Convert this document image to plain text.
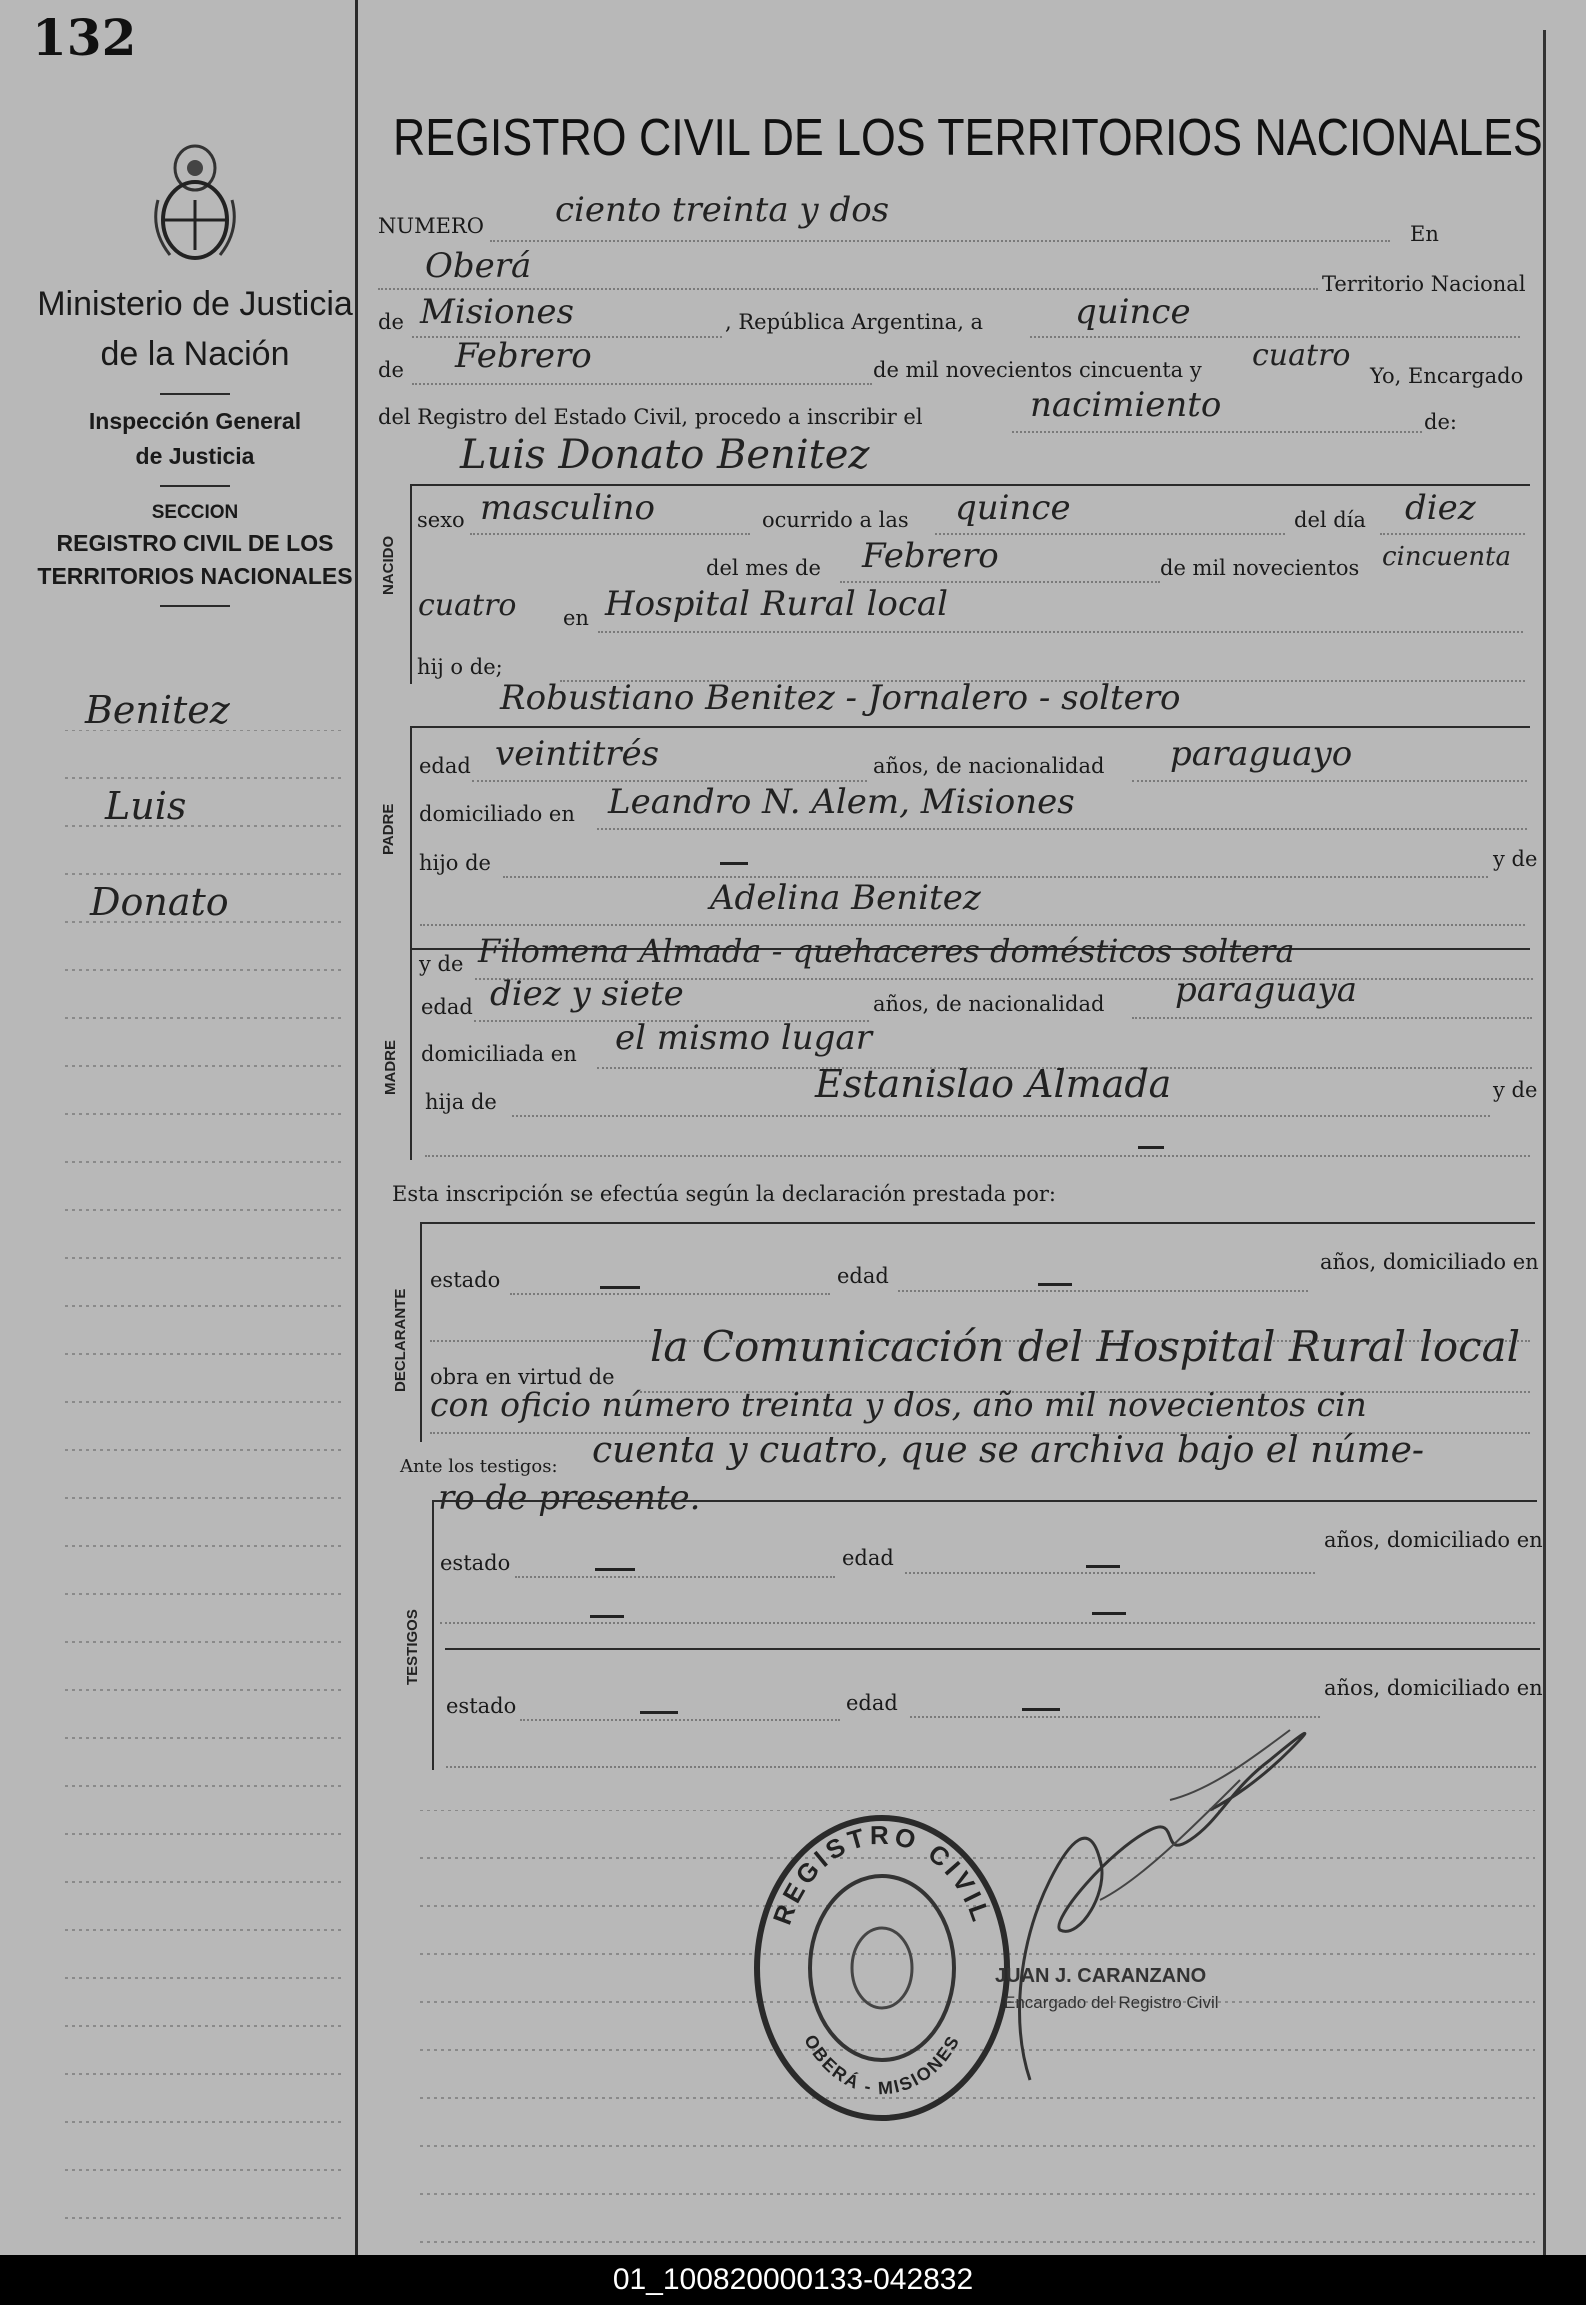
132
Ministerio de Justicia
de la Nación
Inspección General
de Justicia
SECCION
REGISTRO CIVIL DE LOS
TERRITORIOS NACIONALES
Benitez
Luis
Donato
REGISTRO CIVIL DE LOS TERRITORIOS NACIONALES
NUMERO ciento treinta y dos
En
Oberá	Territorio Nacional
de Misiones	, República Argentina, a	quince
de Febrero	de mil novecientos cincuenta y cuatro
Yo, Encargado
del Registro del Estado Civil, procedo a inscribir el	nacimiento	de:
Luis Donato Benitez
NACIDO
sexo masculino	ocurrido a las quince	del día diez
del mes de Febrero	de mil novecientos cincuenta
cuatro en Hospital Rural local
hij o de;
Robustiano Benitez - Jornalero - soltero
PADRE
edad veintitrés	años, de nacionalidad paraguayo
domiciliado en Leandro N. Alem, Misiones
hijo de	y de
Adelina Benitez
MADRE
y de Filomena Almada - quehaceres domésticos soltera
edad diez y siete	años, de nacionalidad paraguaya
domiciliada en el mismo lugar
hija de	Estanislao Almada	y de
Esta inscripción se efectúa según la declaración prestada por:
DECLARANTE
estado	edad
años, domiciliado en
obra en virtud de
la Comunicación del Hospital Rural local
con oficio número treinta y dos, año mil novecientos cin
Ante los testigos: cuenta y cuatro, que se archiva bajo el núme-
ro de presente.
TESTIGOS
estado	edad
años, domiciliado en
estado	edad
años, domiciliado en
REGISTRO CIVIL
OBERÁ - MISIONES
JUAN J. CARANZANO
Encargado del Registro Civil
01_100820000133-042832
